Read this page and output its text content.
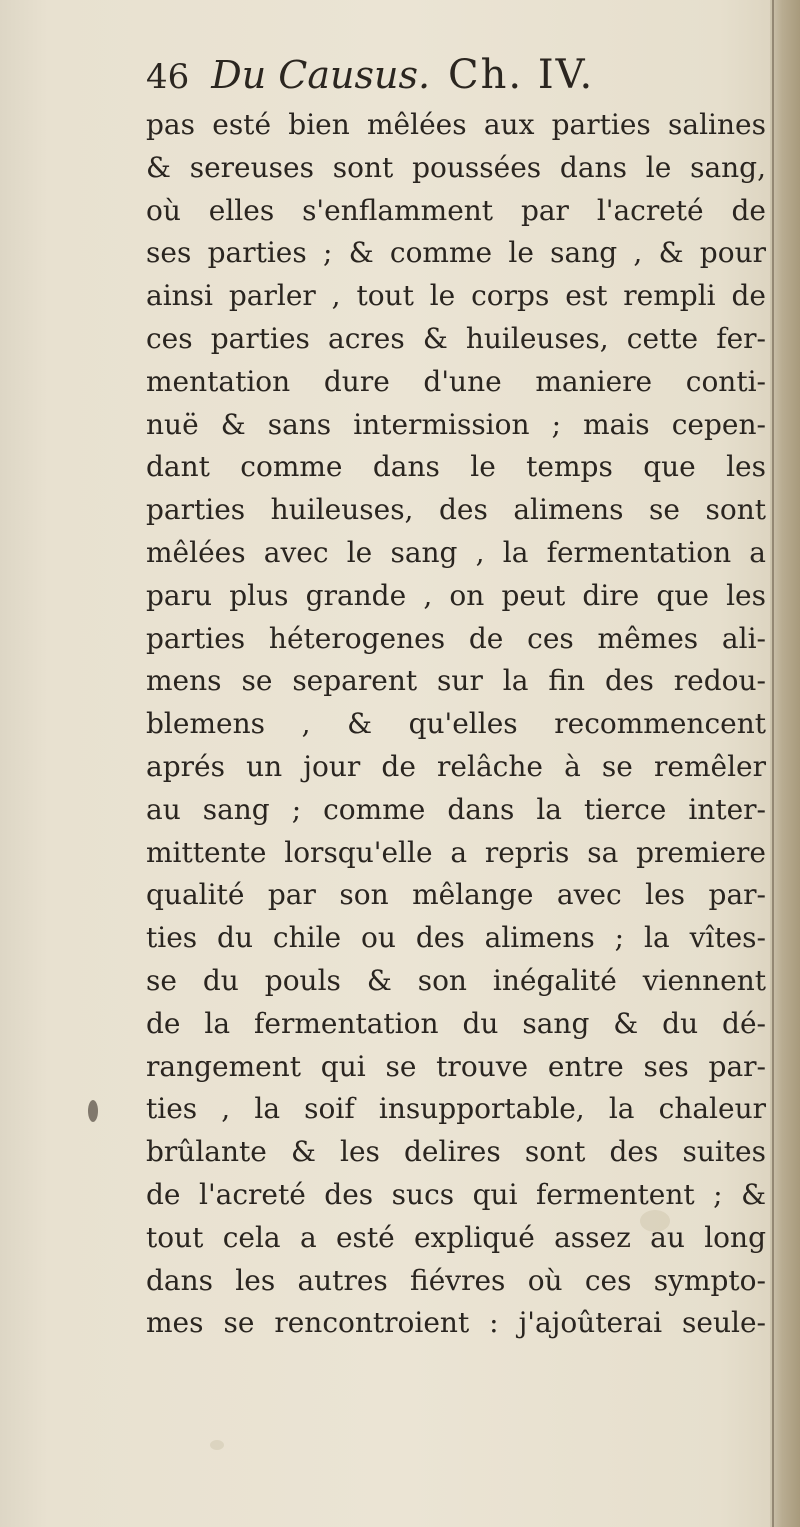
46 Du Causus. Ch. IV.
pas esté bien mêlées aux parties salines
& sereuses sont poussées dans le sang,
où elles s'enflamment par l'acreté de
ses parties ; & comme le sang , & pour
ainsi parler , tout le corps est rempli de
ces parties acres & huileuses, cette fer-
mentation dure d'une maniere conti-
nuë & sans intermission ; mais cepen-
dant comme dans le temps que les
parties huileuses, des alimens se sont
mêlées avec le sang , la fermentation a
paru plus grande , on peut dire que les
parties héterogenes de ces mêmes ali-
mens se separent sur la fin des redou-
blemens , & qu'elles recommencent
aprés un jour de relâche à se remêler
au sang ; comme dans la tierce inter-
mittente lorsqu'elle a repris sa premiere
qualité par son mêlange avec les par-
ties du chile ou des alimens ; la vîtes-
se du pouls & son inégalité viennent
de la fermentation du sang & du dé-
rangement qui se trouve entre ses par-
ties , la soif insupportable, la chaleur
brûlante & les delires sont des suites
de l'acreté des sucs qui fermentent ; &
tout cela a esté expliqué assez au long
dans les autres fiévres où ces sympto-
mes se rencontroient : j'ajoûterai seule-
